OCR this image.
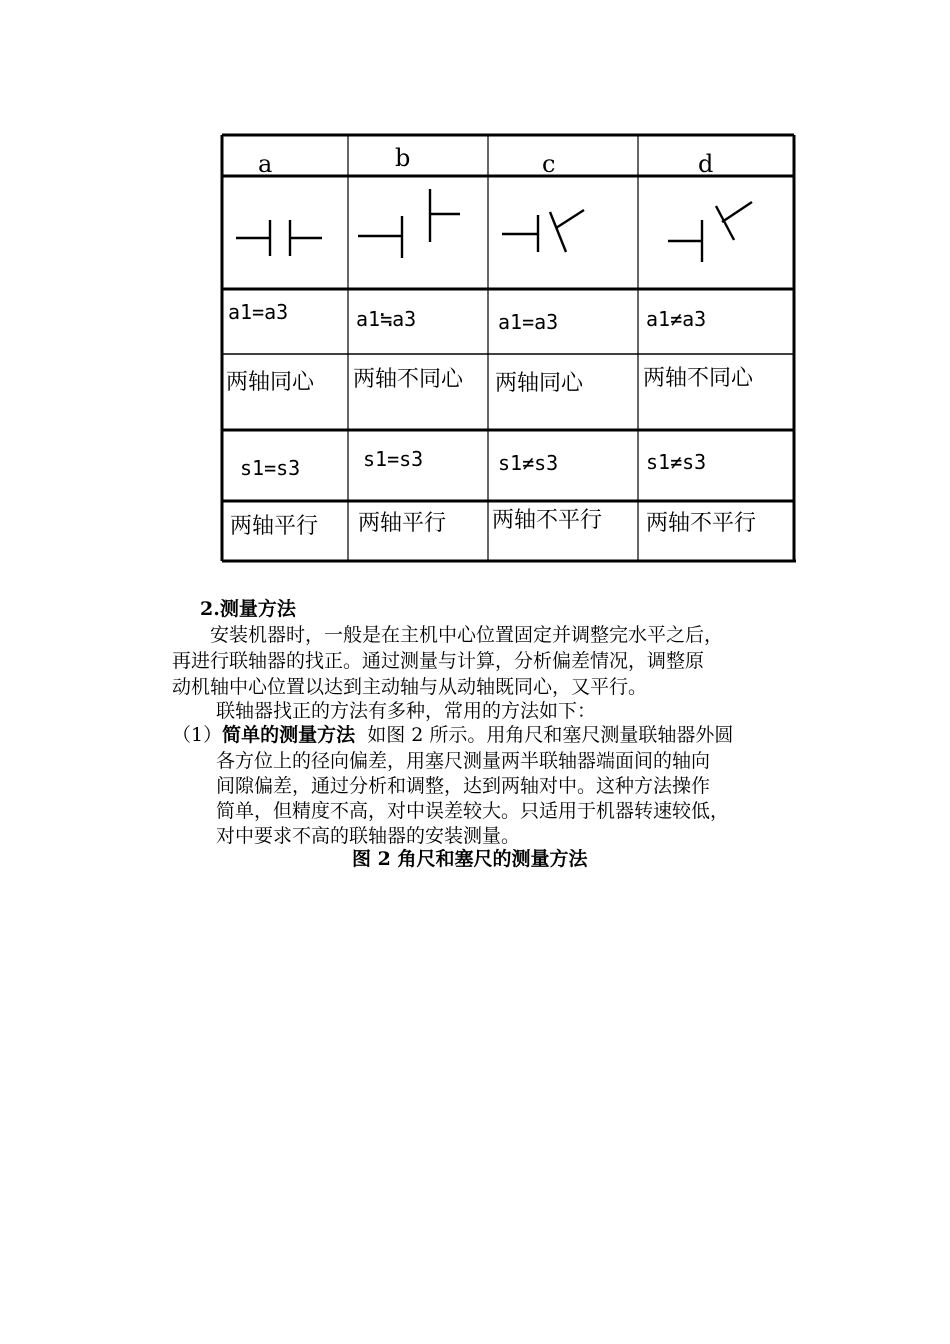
a	b	c	d
a1=a3	a1≒a3	a1=a3	a1≠a3
两轴同心 两轴不同心 两轴同心	两轴不同心
s1=s3	s1=s3	s1≠s3	s1≠s3
两轴平行 两轴平行 两轴不平行 两轴不平行
2.测量方法
安装机器时，一般是在主机中心位置固定并调整完水平之后，
再进行联轴器的找正。通过测量与计算，分析偏差情况，调整原
动机轴中心位置以达到主动轴与从动轴既同心，又平行。
联轴器找正的方法有多种，常用的方法如下：
（1）简单的测量方法 如图 2 所示。用角尺和塞尺测量联轴器外圆
各方位上的径向偏差，用塞尺测量两半联轴器端面间的轴向
间隙偏差，通过分析和调整，达到两轴对中。这种方法操作
简单，但精度不高，对中误差较大。只适用于机器转速较低，
对中要求不高的联轴器的安装测量。
图 2 角尺和塞尺的测量方法
